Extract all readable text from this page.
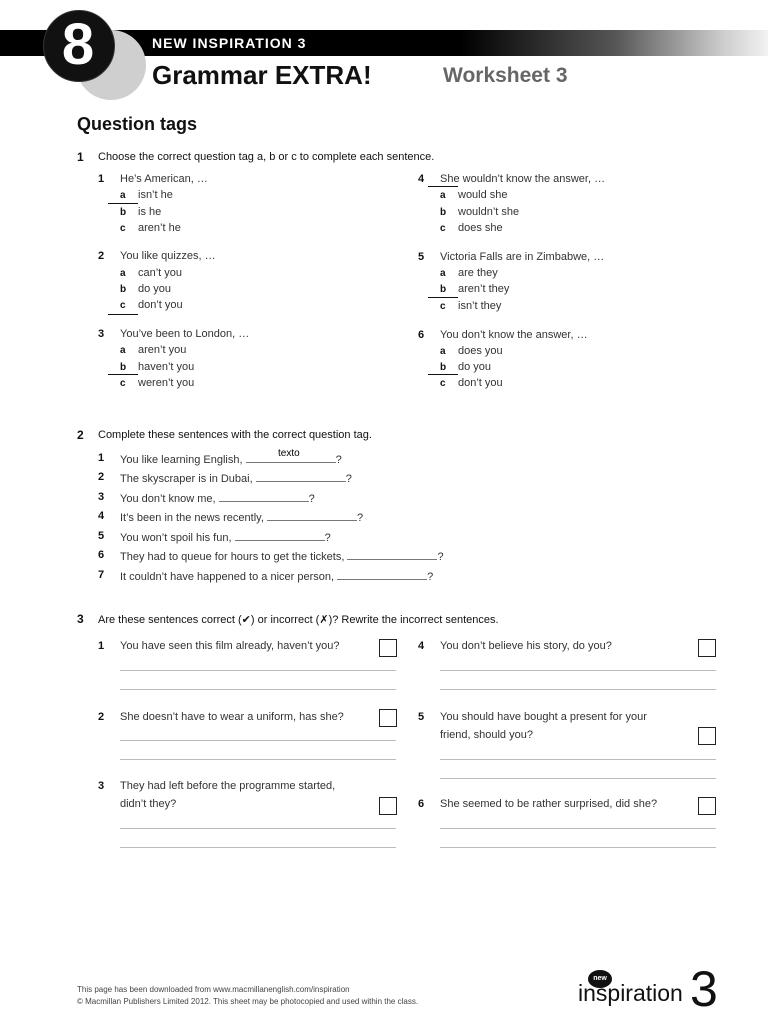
8	NEW INSPIRATION 3
Grammar EXTRA!	Worksheet 3
Question tags
1 Choose the correct question tag a, b or c to complete each sentence.
1 He’s American, …
a isn’t he
b is he
c aren’t he
2 You like quizzes, …
a can’t you
b do you
c don’t you
3 You’ve been to London, …
a aren’t you
b haven’t you
c weren’t you
4 She wouldn’t know the answer, …
a would she
b wouldn’t she
c does she
5 Victoria Falls are in Zimbabwe, …
a are they
b aren’t they
c isn’t they
6 You don’t know the answer, …
a does you
b do you
c don’t you
2 Complete these sentences with the correct question tag.
texto
1 You like learning English,	?
2 The skyscraper is in Dubai,	?
3 You don’t know me,	?
4 It’s been in the news recently,	?
5 You won’t spoil his fun,	?
6 They had to queue for hours to get the tickets,	?
7 It couldn’t have happened to a nicer person,	?
3 Are these sentences correct (✔) or incorrect (✗)? Rewrite the incorrect sentences.
1 You have seen this film already, haven’t you?
2 She doesn’t have to wear a uniform, has she?
3 They had left before the programme started,
didn’t they?
4 You don’t believe his story, do you?
5 You should have bought a present for your
friend, should you?
6 She seemed to be rather surprised, did she?
This page has been downloaded from www.macmillanenglish.com/inspiration
© Macmillan Publishers Limited 2012. This sheet may be photocopied and used within the class.
new
inspiration 3
